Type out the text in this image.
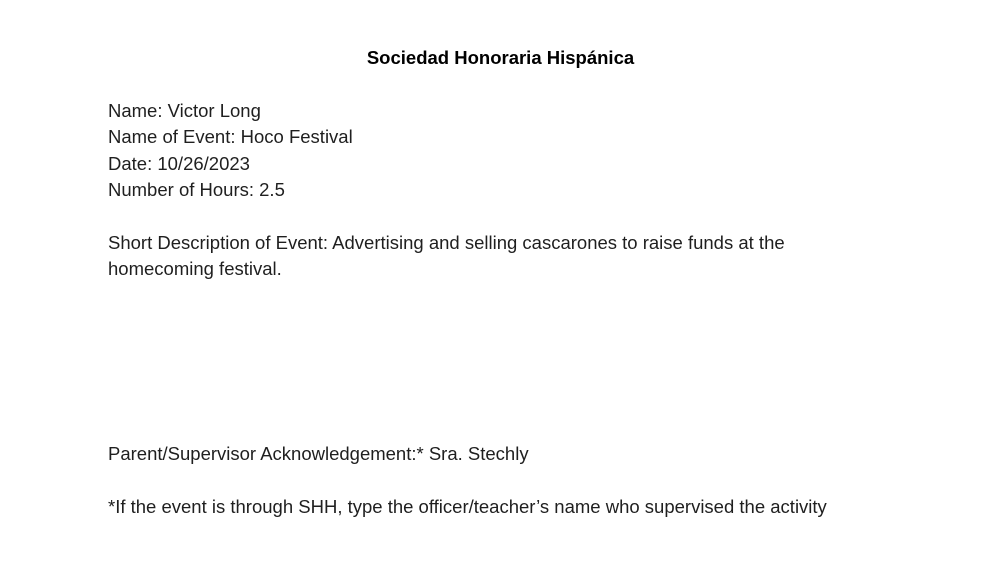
Sociedad Honoraria Hispánica
Name: Victor Long
Name of Event: Hoco Festival
Date: 10/26/2023
Number of Hours: 2.5
Short Description of Event: Advertising and selling cascarones to raise funds at the homecoming festival.
Parent/Supervisor Acknowledgement:* Sra. Stechly
*If the event is through SHH, type the officer/teacher’s name who supervised the activity
